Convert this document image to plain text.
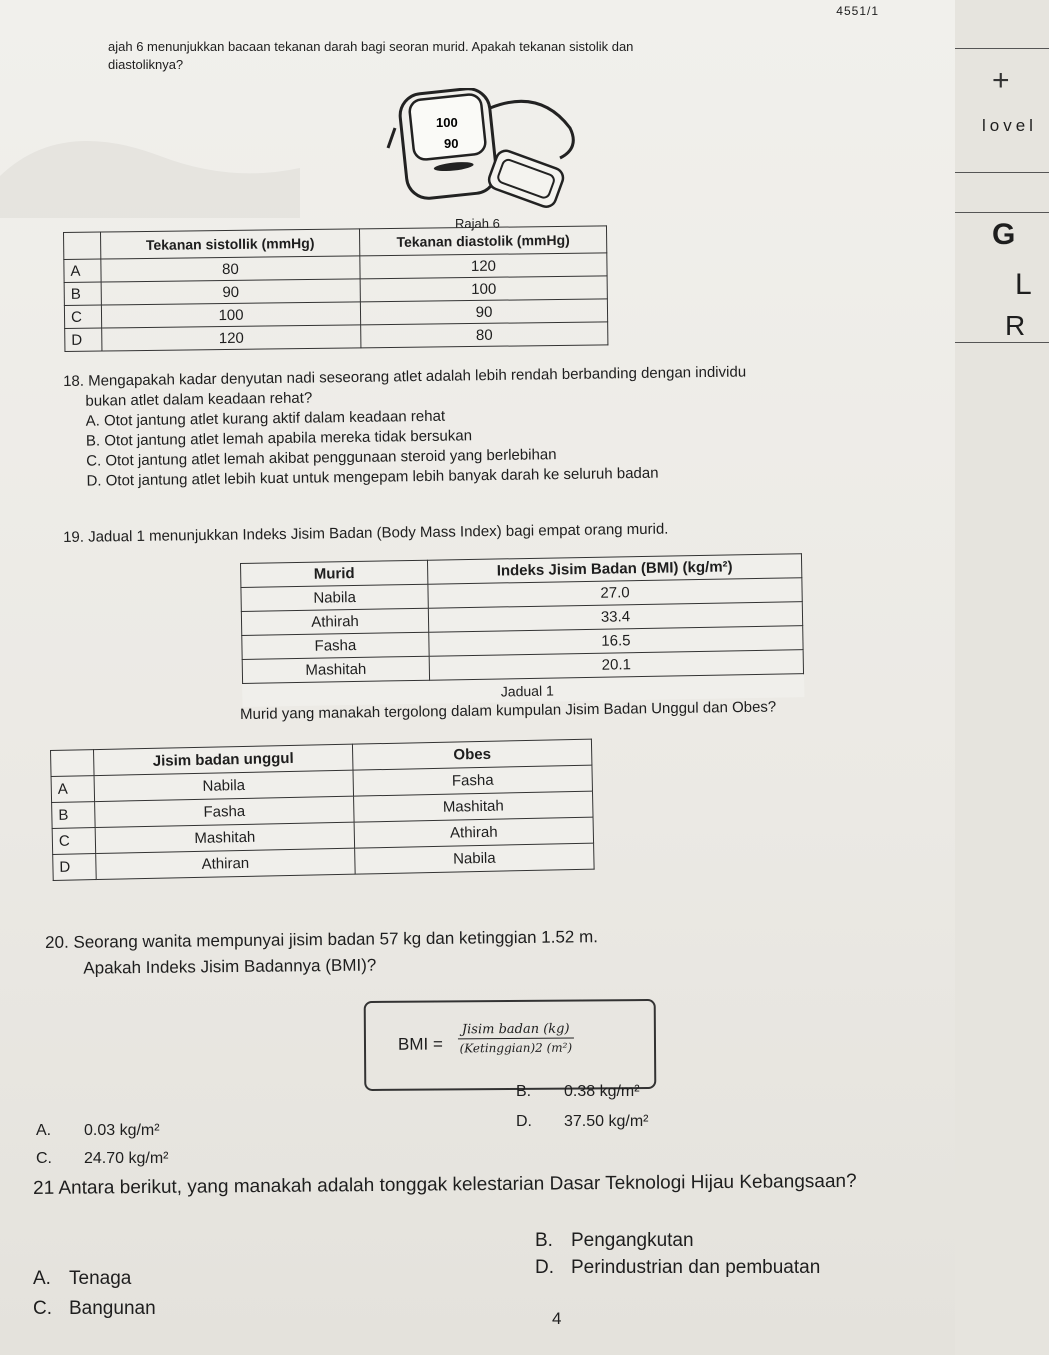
4551/1
ajah 6 menunjukkan bacaan tekanan darah bagi seoran murid. Apakah tekanan sistolik dan
diastoliknya?
100
90
Rajah 6
	Tekanan sistollik (mmHg)	Tekanan diastolik (mmHg)
A	80	120
B	90	100
C	100	90
D	120	80
18. Mengapakah kadar denyutan nadi seseorang atlet adalah lebih rendah berbanding dengan individu
bukan atlet dalam keadaan rehat?
A. Otot jantung atlet kurang aktif dalam keadaan rehat
B. Otot jantung atlet lemah apabila mereka tidak bersukan
C. Otot jantung atlet lemah akibat penggunaan steroid yang berlebihan
D. Otot jantung atlet lebih kuat untuk mengepam lebih banyak darah ke seluruh badan
19. Jadual 1 menunjukkan Indeks Jisim Badan (Body Mass Index) bagi empat orang murid.
Murid	Indeks Jisim Badan (BMI) (kg/m²)
Nabila	27.0
Athirah	33.4
Fasha	16.5
Mashitah	20.1
Jadual 1	
Murid yang manakah tergolong dalam kumpulan Jisim Badan Unggul dan Obes?
	Jisim badan unggul	Obes
A	Nabila	Fasha
B	Fasha	Mashitah
C	Mashitah	Athirah
D	Athiran	Nabila
20. Seorang wanita mempunyai jisim badan 57 kg dan ketinggian 1.52 m.
Apakah Indeks Jisim Badannya (BMI)?
BMI =
Jisim badan (kg)
(Ketinggian)2 (m²)
B. 0.38 kg/m²
A. 0.03 kg/m²
D. 37.50 kg/m²
C. 24.70 kg/m²
21 Antara berikut, yang manakah adalah tonggak kelestarian Dasar Teknologi Hijau Kebangsaan?
B. Pengangkutan
A. Tenaga
D. Perindustrian dan pembuatan
C. Bangunan	4
+
lovel
G
L
R
